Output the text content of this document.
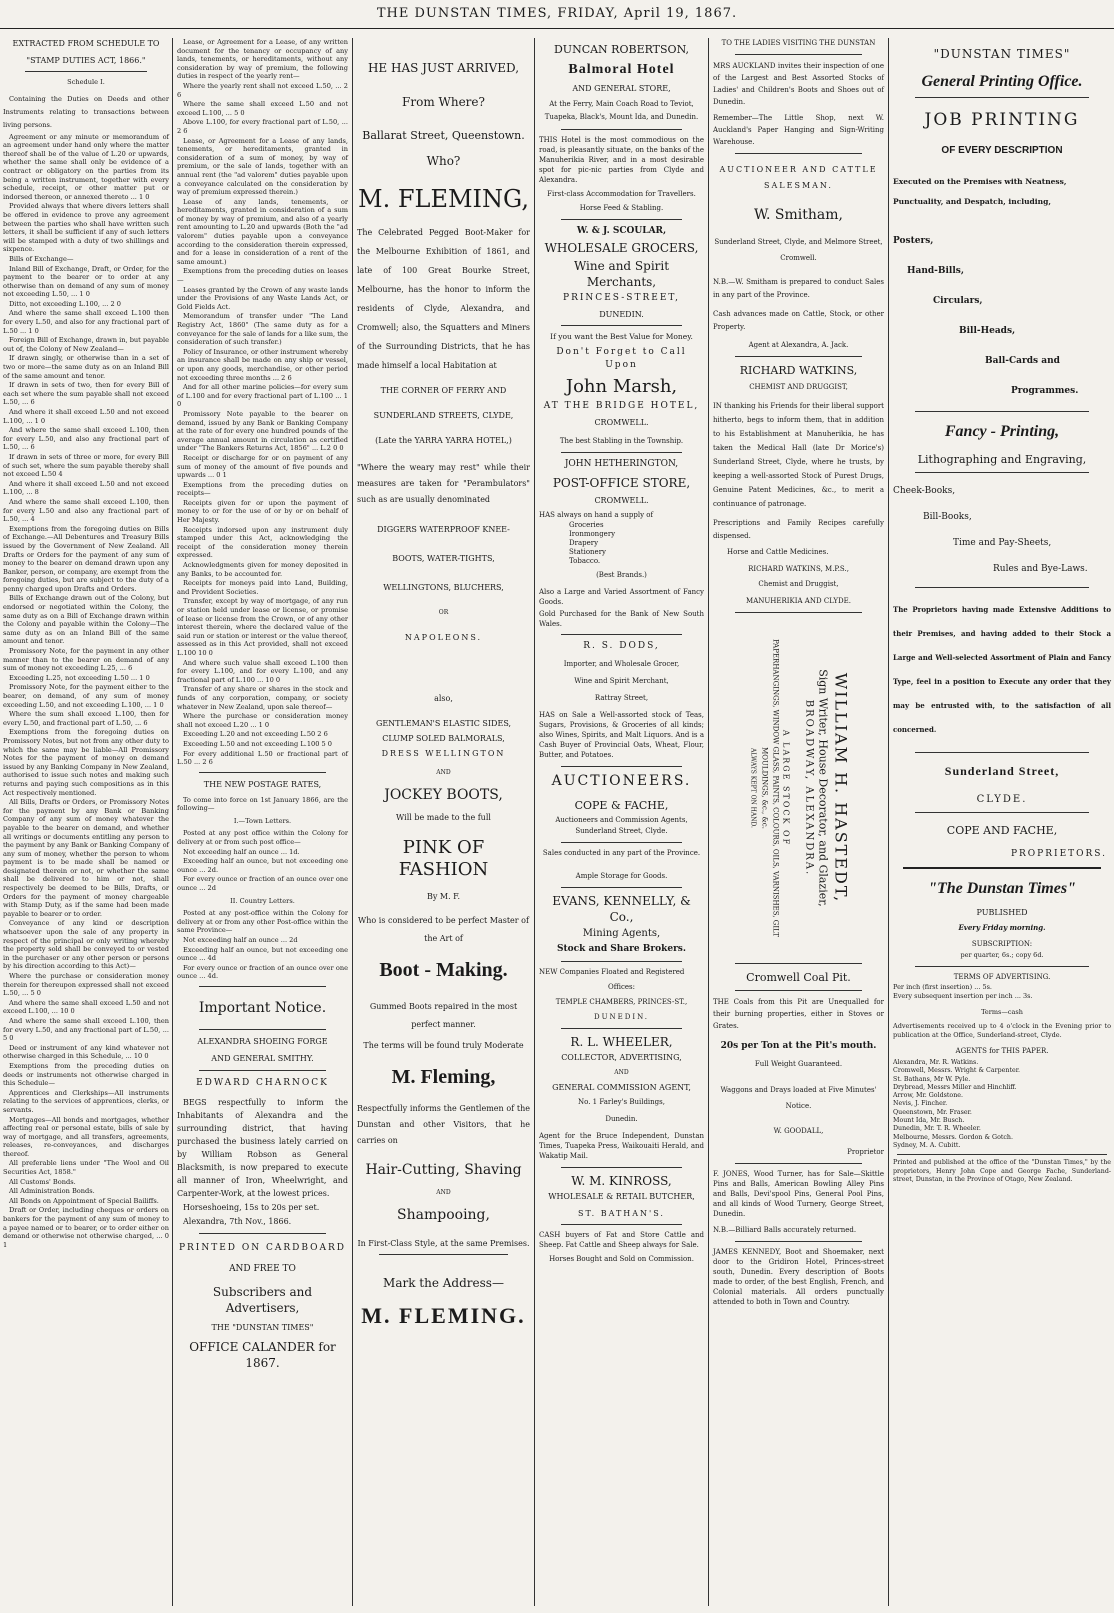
THE DUNSTAN TIMES, FRIDAY, April 19, 1867.
EXTRACTED FROM SCHEDULE TO
"STAMP DUTIES ACT, 1866."
Schedule I.

Containing the Duties on Deeds and other Instruments relating to transactions between living persons.

Agreement or any minute or memorandum of an agreement under hand only where the matter thereof shall be of the value of L.20 or upwards, whether the same shall only be evidence of a contract or obligatory on the parties from its being a written instrument, together with every schedule, receipt, or other matter put or indorsed thereon, or annexed thereto ... 1 0

Provided always that where divers letters shall be offered in evidence to prove any agreement between the parties who shall have written such letters, it shall be sufficient if any of such letters will be stamped with a duty of two shillings and sixpence.

Bills of Exchange—

Inland Bill of Exchange, Draft, or Order, for the payment to the bearer or to order at any otherwise than on demand of any sum of money not exceeding L.50, ... 1 0

Ditto, not exceeding L.100, ... 2 0

And where the same shall exceed L.100 then for every L.50, and also for any fractional part of L.50 ... 1 0

Foreign Bill of Exchange, drawn in, but payable out of, the Colony of New Zealand—

If drawn singly, or otherwise than in a set of two or more—the same duty as on an Inland Bill of the same amount and tenor.

If drawn in sets of two, then for every Bill of each set where the sum payable shall not exceed L.50, ... 6

And where it shall exceed L.50 and not exceed L.100, ... 1 0

And where the same shall exceed L.100, then for every L.50, and also any fractional part of L.50, ... 6

If drawn in sets of three or more, for every Bill of such set, where the sum payable thereby shall not exceed L.50 4

And where it shall exceed L.50 and not exceed L.100, ... 8

And where the same shall exceed L.100, then for every L.50 and also any fractional part of L.50, ... 4

Exemptions from the foregoing duties on Bills of Exchange.—All Debentures and Treasury Bills issued by the Government of New Zealand. All Drafts or Orders for the payment of any sum of money to the bearer on demand drawn upon any Banker, person, or company, are exempt from the foregoing duties, but are subject to the duty of a penny charged upon Drafts and Orders.

Bills of Exchange drawn out of the Colony, but endorsed or negotiated within the Colony, the same duty as on a Bill of Exchange drawn within the Colony and payable within the Colony—The same duty as on an Inland Bill of the same amount and tenor.

Promissory Note, for the payment in any other manner than to the bearer on demand of any sum of money not exceeding L.25, ... 6

Exceeding L.25, not exceeding L.50 ... 1 0

Promissory Note, for the payment either to the bearer, on demand, of any sum of money exceeding L.50, and not exceeding L.100, ... 1 0

Where the sum shall exceed L.100, then for every L.50, and fractional part of L.50, ... 6

Exemptions from the foregoing duties on Promissory Notes, but not from any other duty to which the same may be liable—All Promissory Notes for the payment of money on demand issued by any Banking Company in New Zealand, authorised to issue such notes and making such returns and paying such compositions as in this Act respectively mentioned.

All Bills, Drafts or Orders, or Promissory Notes for the payment by any Bank or Banking Company of any sum of money whatever the payable to the bearer on demand, and whether all writings or documents entitling any person to the payment by any Bank or Banking Company of any sum of money, whether the person to whom payment is to be made shall be named or designated therein or not, or whether the same shall be delivered to him or not, shall respectively be deemed to be Bills, Drafts, or Orders for the payment of money chargeable with Stamp Duty, as if the same had been made payable to bearer or to order.

Conveyance of any kind or description whatsoever upon the sale of any property in respect of the principal or only writing whereby the property sold shall be conveyed to or vested in the purchaser or any other person or persons by his direction according to this Act)—

Where the purchase or consideration money therein for thereupon expressed shall not exceed L.50, ... 5 0

And where the same shall exceed L.50 and not exceed L.100, ... 10 0

And where the same shall exceed L.100, then for every L.50, and any fractional part of L.50, ... 5 0

Deed or instrument of any kind whatever not otherwise charged in this Schedule, ... 10 0

Exemptions from the preceding duties on deeds or instruments not otherwise charged in this Schedule—

Apprentices and Clerkships—All instruments relating to the services of apprentices, clerks, or servants.

Mortgages—All bonds and mortgages, whether affecting real or personal estate, bills of sale by way of mortgage, and all transfers, agreements, releases, re-conveyances, and discharges thereof.

All preferable liens under "The Wool and Oil Securities Act, 1858."

All Customs' Bonds.

All Administration Bonds.

All Bonds on Appointment of Special Bailiffs.

Draft or Order, including cheques or orders on bankers for the payment of any sum of money to a payee named or to bearer, or to order either on demand or otherwise not otherwise charged, ... 0 1

Lease, or Agreement for a Lease, of any written document for the tenancy or occupancy of any lands, tenements, or hereditaments, without any consideration by way of premium, the following duties in respect of the yearly rent—

Where the yearly rent shall not exceed L.50, ... 2 6

Where the same shall exceed L.50 and not exceed L.100, ... 5 0

Above L.100, for every fractional part of L.50, ... 2 6

Lease, or Agreement for a Lease of any lands, tenements, or hereditaments, granted in consideration of a sum of money, by way of premium, or the sale of lands, together with an annual rent (the "ad valorem" duties payable upon a conveyance calculated on the consideration by way of premium expressed therein.)

Lease of any lands, tenements, or hereditaments, granted in consideration of a sum of money by way of premium, and also of a yearly rent amounting to L.20 and upwards (Both the "ad valorem" duties payable upon a conveyance according to the consideration therein expressed, and for a lease in consideration of a rent of the same amount.)

Exemptions from the preceding duties on leases—

Leases granted by the Crown of any waste lands under the Provisions of any Waste Lands Act, or Gold Fields Act.

Memorandum of transfer under "The Land Registry Act, 1860" (The same duty as for a conveyance for the sale of lands for a like sum, the consideration of such transfer.)

Policy of Insurance, or other instrument whereby an insurance shall be made on any ship or vessel, or upon any goods, merchandise, or other period not exceeding three months ... 2 6

And for all other marine policies—for every sum of L.100 and for every fractional part of L.100 ... 1 0

Promissory Note payable to the bearer on demand, issued by any Bank or Banking Company at the rate of for every one hundred pounds of the average annual amount in circulation as certified under "The Bankers Returns Act, 1856" ... L.2 0 0

Receipt or discharge for or on payment of any sum of money of the amount of five pounds and upwards ... 0 1

Exemptions from the preceding duties on receipts—

Receipts given for or upon the payment of money to or for the use of or by or on behalf of Her Majesty.

Receipts indorsed upon any instrument duly stamped under this Act, acknowledging the receipt of the consideration money therein expressed.

Acknowledgments given for money deposited in any Banks, to be accounted for.

Receipts for moneys paid into Land, Building, and Provident Societies.

Transfer, except by way of mortgage, of any run or station held under lease or license, or promise of lease or license from the Crown, or of any other interest therein, where the declared value of the said run or station or interest or the value thereof, assessed as in this Act provided, shall not exceed L.100 10 0

And where such value shall exceed L.100 then for every L.100, and for every L.100, and any fractional part of L.100 ... 10 0

Transfer of any share or shares in the stock and funds of any corporation, company, or society whatever in New Zealand, upon sale thereof—

Where the purchase or consideration money shall not exceed L.20 ... 1 0

Exceeding L.20 and not exceeding L.50 2 6

Exceeding L.50 and not exceeding L.100 5 0

For every additional L.50 or fractional part of L.50 ... 2 6

THE NEW POSTAGE RATES,

To come into force on 1st January 1866, are the following—

I.—Town Letters.

Posted at any post office within the Colony for delivery at or from such post office—

Not exceeding half an ounce ... 1d.

Exceeding half an ounce, but not exceeding one ounce ... 2d.

For every ounce or fraction of an ounce over one ounce ... 2d

II. Country Letters.

Posted at any post-office within the Colony for delivery at or from any other Post-office within the same Province—

Not exceeding half an ounce ... 2d

Exceeding half an ounce, but not exceeding one ounce ... 4d

For every ounce or fraction of an ounce over one ounce ... 4d.

Important Notice.
ALEXANDRA SHOEING FORGE
AND GENERAL SMITHY.
EDWARD CHARNOCK

BEGS respectfully to inform the Inhabitants of Alexandra and the surrounding district, that having purchased the business lately carried on by William Robson as General Blacksmith, is now prepared to execute all manner of Iron, Wheelwright, and Carpenter-Work, at the lowest prices.

Horseshoeing, 15s to 20s per set.

Alexandra, 7th Nov., 1866.

PRINTED ON CARDBOARD
AND FREE TO
Subscribers and Advertisers,
THE "DUNSTAN TIMES"
OFFICE CALANDER for 1867.
HE HAS JUST ARRIVED,
From Where?
Ballarat Street, Queenstown.
Who?
M. FLEMING,

The Celebrated Pegged Boot-Maker for the Melbourne Exhibition of 1861, and late of 100 Great Bourke Street, Melbourne, has the honor to inform the residents of Clyde, Alexandra, and Cromwell; also, the Squatters and Miners of the Surrounding Districts, that he has made himself a local Habitation at

THE CORNER OF FERRY AND
SUNDERLAND STREETS, CLYDE,
(Late the YARRA YARRA HOTEL,)

"Where the weary may rest" while their measures are taken for "Perambulators" such as are usually denominated

DIGGERS WATERPROOF KNEE-
BOOTS, WATER-TIGHTS,
WELLINGTONS, BLUCHERS,
OR
NAPOLEONS.
also,
GENTLEMAN'S ELASTIC SIDES,
CLUMP SOLED BALMORALS,
DRESS WELLINGTON
AND
JOCKEY BOOTS,
Will be made to the full
PINK OF FASHION
By M. F.

Who is considered to be perfect Master of the Art of

Boot - Making.

Gummed Boots repaired in the most perfect manner.

The terms will be found truly Moderate
M. Fleming,

Respectfully informs the Gentlemen of the Dunstan and other Visitors, that he carries on

Hair-Cutting, Shaving
AND
Shampooing,
In First-Class Style, at the same Premises.
Mark the Address—
M. FLEMING.
DUNCAN ROBERTSON,
Balmoral Hotel
AND GENERAL STORE,

At the Ferry, Main Coach Road to Teviot, Tuapeka, Black's, Mount Ida, and Dunedin.

THIS Hotel is the most commodious on the road, is pleasantly situate, on the banks of the Manuherikia River, and in a most desirable spot for pic-nic parties from Clyde and Alexandra.

First-class Accommodation for Travellers.
Horse Feed & Stabling.
W. & J. SCOULAR,
WHOLESALE GROCERS,
Wine and Spirit Merchants,
PRINCES-STREET,
DUNEDIN.
If you want the Best Value for Money.
Don't Forget to Call Upon
John Marsh,
AT THE BRIDGE HOTEL,
CROMWELL.
The best Stabling in the Township.
JOHN HETHERINGTON,
POST-OFFICE STORE,
CROMWELL.
HAS always on hand a supply of
Groceries
Ironmongery
Drapery
Stationery
Tobacco.
(Best Brands.)

Also a Large and Varied Assortment of Fancy Goods.

Gold Purchased for the Bank of New South Wales.

R. S. DODS,
Importer, and Wholesale Grocer,
Wine and Spirit Merchant,
Rattray Street,

HAS on Sale a Well-assorted stock of Teas, Sugars, Provisions, & Groceries of all kinds; also Wines, Spirits, and Malt Liquors. And is a Cash Buyer of Provincial Oats, Wheat, Flour, Butter, and Potatoes.

AUCTIONEERS.
COPE & FACHE,
Auctioneers and Commission Agents,
Sunderland Street, Clyde.
Sales conducted in any part of the Province.
Ample Storage for Goods.
EVANS, KENNELLY, & Co.,
Mining Agents,
Stock and Share Brokers.
NEW Companies Floated and Registered
Offices:
TEMPLE CHAMBERS, PRINCES-ST.,
DUNEDIN.
R. L. WHEELER,
COLLECTOR, ADVERTISING,
AND
GENERAL COMMISSION AGENT,
No. 1 Farley's Buildings,
Dunedin.

Agent for the Bruce Independent, Dunstan Times, Tuapeka Press, Waikouaiti Herald, and Wakatip Mail.

W. M. KINROSS,
WHOLESALE & RETAIL BUTCHER,
ST. BATHAN'S.

CASH buyers of Fat and Store Cattle and Sheep. Fat Cattle and Sheep always for Sale.

Horses Bought and Sold on Commission.
TO THE LADIES VISITING THE DUNSTAN

MRS AUCKLAND invites their inspection of one of the Largest and Best Assorted Stocks of Ladies' and Children's Boots and Shoes out of Dunedin.

Remember—The Little Shop, next W. Auckland's Paper Hanging and Sign-Writing Warehouse.

AUCTIONEER AND CATTLE SALESMAN.
W. Smitham,

Sunderland Street, Clyde, and Melmore Street, Cromwell.

N.B.—W. Smitham is prepared to conduct Sales in any part of the Province.

Cash advances made on Cattle, Stock, or other Property.

Agent at Alexandra, A. Jack.
RICHARD WATKINS,
CHEMIST AND DRUGGIST,

IN thanking his Friends for their liberal support hitherto, begs to inform them, that in addition to his Establishment at Manuherikia, he has taken the Medical Hall (late Dr Morice's) Sunderland Street, Clyde, where he trusts, by keeping a well-assorted Stock of Purest Drugs, Genuine Patent Medicines, &c., to merit a continuance of patronage.

Prescriptions and Family Recipes carefully dispensed.

Horse and Cattle Medicines.
RICHARD WATKINS, M.P.S.,
Chemist and Druggist,
MANUHERIKIA AND CLYDE.
WILLIAM H. HASTEDT,
Sign Writer, House Decorator, and Glazier,
BROADWAY, ALEXANDRA.
A LARGE STOCK OF
PAPERHANGINGS, WINDOW GLASS, PAINTS, COLOURS, OILS, VARNISHES, GILT MOULDINGS, &c., &c.
ALWAYS KEPT ON HAND.
Cromwell Coal Pit.

THE Coals from this Pit are Unequalled for their burning properties, either in Stoves or Grates.

20s per Ton at the Pit's mouth.
Full Weight Guaranteed.

Waggons and Drays loaded at Five Minutes' Notice.

W. GOODALL,
Proprietor

F. JONES, Wood Turner, has for Sale—Skittle Pins and Balls, American Bowling Alley Pins and Balls, Devi'spool Pins, General Pool Pins, and all kinds of Wood Turnery, George Street, Dunedin.

N.B.—Billiard Balls accurately returned.

JAMES KENNEDY, Boot and Shoemaker, next door to the Gridiron Hotel, Princes-street south, Dunedin. Every description of Boots made to order, of the best English, French, and Colonial materials. All orders punctually attended to both in Town and Country.

"DUNSTAN TIMES"
General Printing Office.
JOB PRINTING
OF EVERY DESCRIPTION

Executed on the Premises with Neatness, Punctuality, and Despatch, including,

Posters,
Hand-Bills,
Circulars,
Bill-Heads,
Ball-Cards and
Programmes.
Fancy - Printing,
Lithographing and Engraving,
Cheek-Books,
Bill-Books,
Time and Pay-Sheets,
Rules and Bye-Laws.

The Proprietors having made Extensive Additions to their Premises, and having added to their Stock a Large and Well-selected Assortment of Plain and Fancy Type, feel in a position to Execute any order that they may be entrusted with, to the satisfaction of all concerned.

Sunderland Street,
CLYDE.
COPE AND FACHE,
PROPRIETORS.
"The Dunstan Times"
PUBLISHED
Every Friday morning.
SUBSCRIPTION:
per quarter, 6s.; copy 6d.
TERMS OF ADVERTISING.
Per inch (first insertion) ... 5s.
Every subsequent insertion per inch ... 3s.
Terms—cash

Advertisements received up to 4 o'clock in the Evening prior to publication at the Office, Sunderland-street, Clyde.

AGENTS for THIS PAPER.
Alexandra, Mr. R. Watkins.
Cromwell, Messrs. Wright & Carpenter.
St. Bathans, Mr W. Pyle.
Drybread, Messrs Miller and Hinchliff.
Arrow, Mr. Goldstone.
Nevis, J. Fincher.
Queenstown, Mr. Fraser.
Mount Ida, Mr. Busch.
Dunedin, Mr. T. R. Wheeler.
Melbourne, Messrs. Gordon & Gotch.
Sydney, M. A. Cubitt.

Printed and published at the office of the "Dunstan Times," by the proprietors, Henry John Cope and George Fache, Sunderland-street, Dunstan, in the Province of Otago, New Zealand.
